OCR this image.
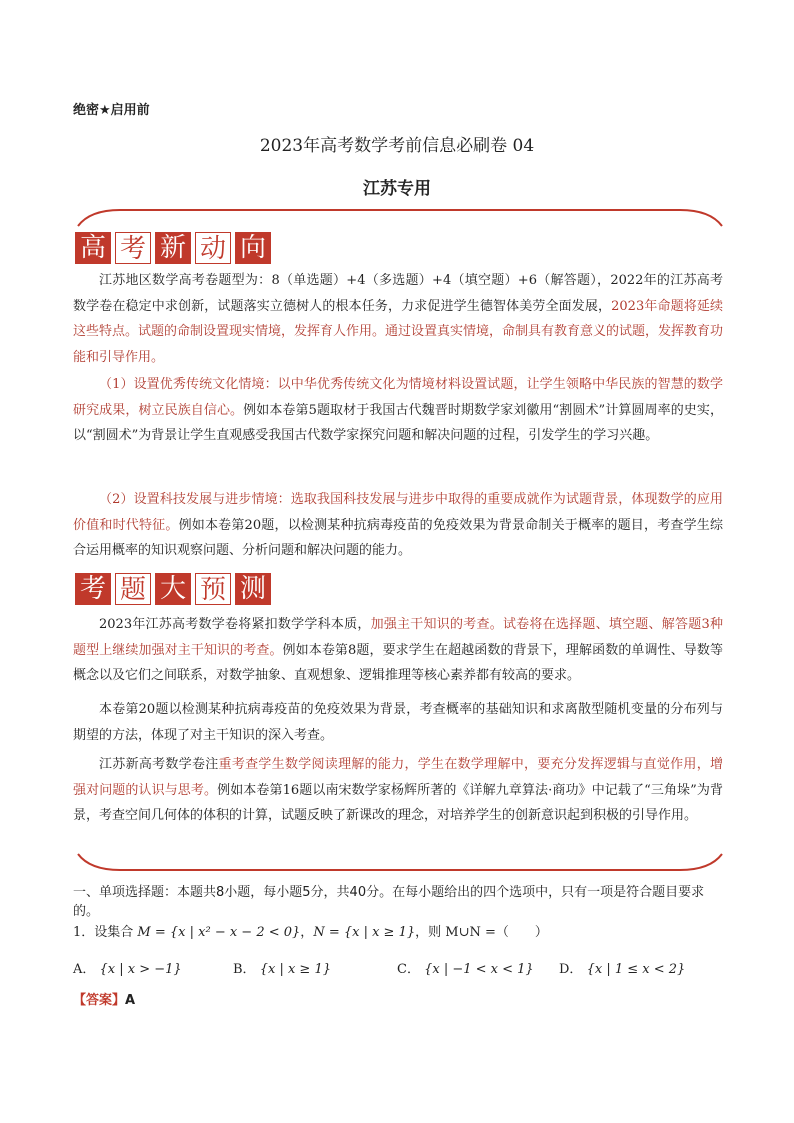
绝密★启用前
2023年高考数学考前信息必刷卷 04
江苏专用
高 考 新 动 向
江苏地区数学高考卷题型为：8（单选题）+4（多选题）+4（填空题）+6（解答题），2022年的江苏高考数学卷在稳定中求创新，试题落实立德树人的根本任务，力求促进学生德智体美劳全面发展，2023年命题将延续这些特点。试题的命制设置现实情境，发挥育人作用。通过设置真实情境，命制具有教育意义的试题，发挥教育功能和引导作用。
（1）设置优秀传统文化情境：以中华优秀传统文化为情境材料设置试题，让学生领略中华民族的智慧的数学研究成果，树立民族自信心。例如本卷第5题取材于我国古代魏晋时期数学家刘徽用“割圆术”计算圆周率的史实，以“割圆术”为背景让学生直观感受我国古代数学家探究问题和解决问题的过程，引发学生的学习兴趣。
（2）设置科技发展与进步情境：选取我国科技发展与进步中取得的重要成就作为试题背景，体现数学的应用价值和时代特征。例如本卷第20题，以检测某种抗病毒疫苗的免疫效果为背景命制关于概率的题目，考查学生综合运用概率的知识观察问题、分析问题和解决问题的能力。
考 题 大 预 测
2023年江苏高考数学卷将紧扣数学学科本质，加强主干知识的考查。试卷将在选择题、填空题、解答题3种题型上继续加强对主干知识的考查。例如本卷第8题，要求学生在超越函数的背景下，理解函数的单调性、导数等概念以及它们之间联系，对数学抽象、直观想象、逻辑推理等核心素养都有较高的要求。
本卷第20题以检测某种抗病毒疫苗的免疫效果为背景，考查概率的基础知识和求离散型随机变量的分布列与期望的方法，体现了对主干知识的深入考查。
江苏新高考数学卷注重考查学生数学阅读理解的能力，学生在数学理解中，要充分发挥逻辑与直觉作用，增强对问题的认识与思考。例如本卷第16题以南宋数学家杨辉所著的《详解九章算法·商功》中记载了“三角垛”为背景，考查空间几何体的体积的计算，试题反映了新课改的理念，对培养学生的创新意识起到积极的引导作用。
一、单项选择题：本题共8小题，每小题5分，共40分。在每小题给出的四个选项中，只有一项是符合题目要求的。
1．设集合 M = {x | x² − x − 2 < 0}，N = {x | x ≥ 1}，则 M∪N =（　　）
A． {x | x > −1}	B． {x | x ≥ 1}	C． {x | −1 < x < 1} D． {x | 1 ≤ x < 2}
【答案】A
